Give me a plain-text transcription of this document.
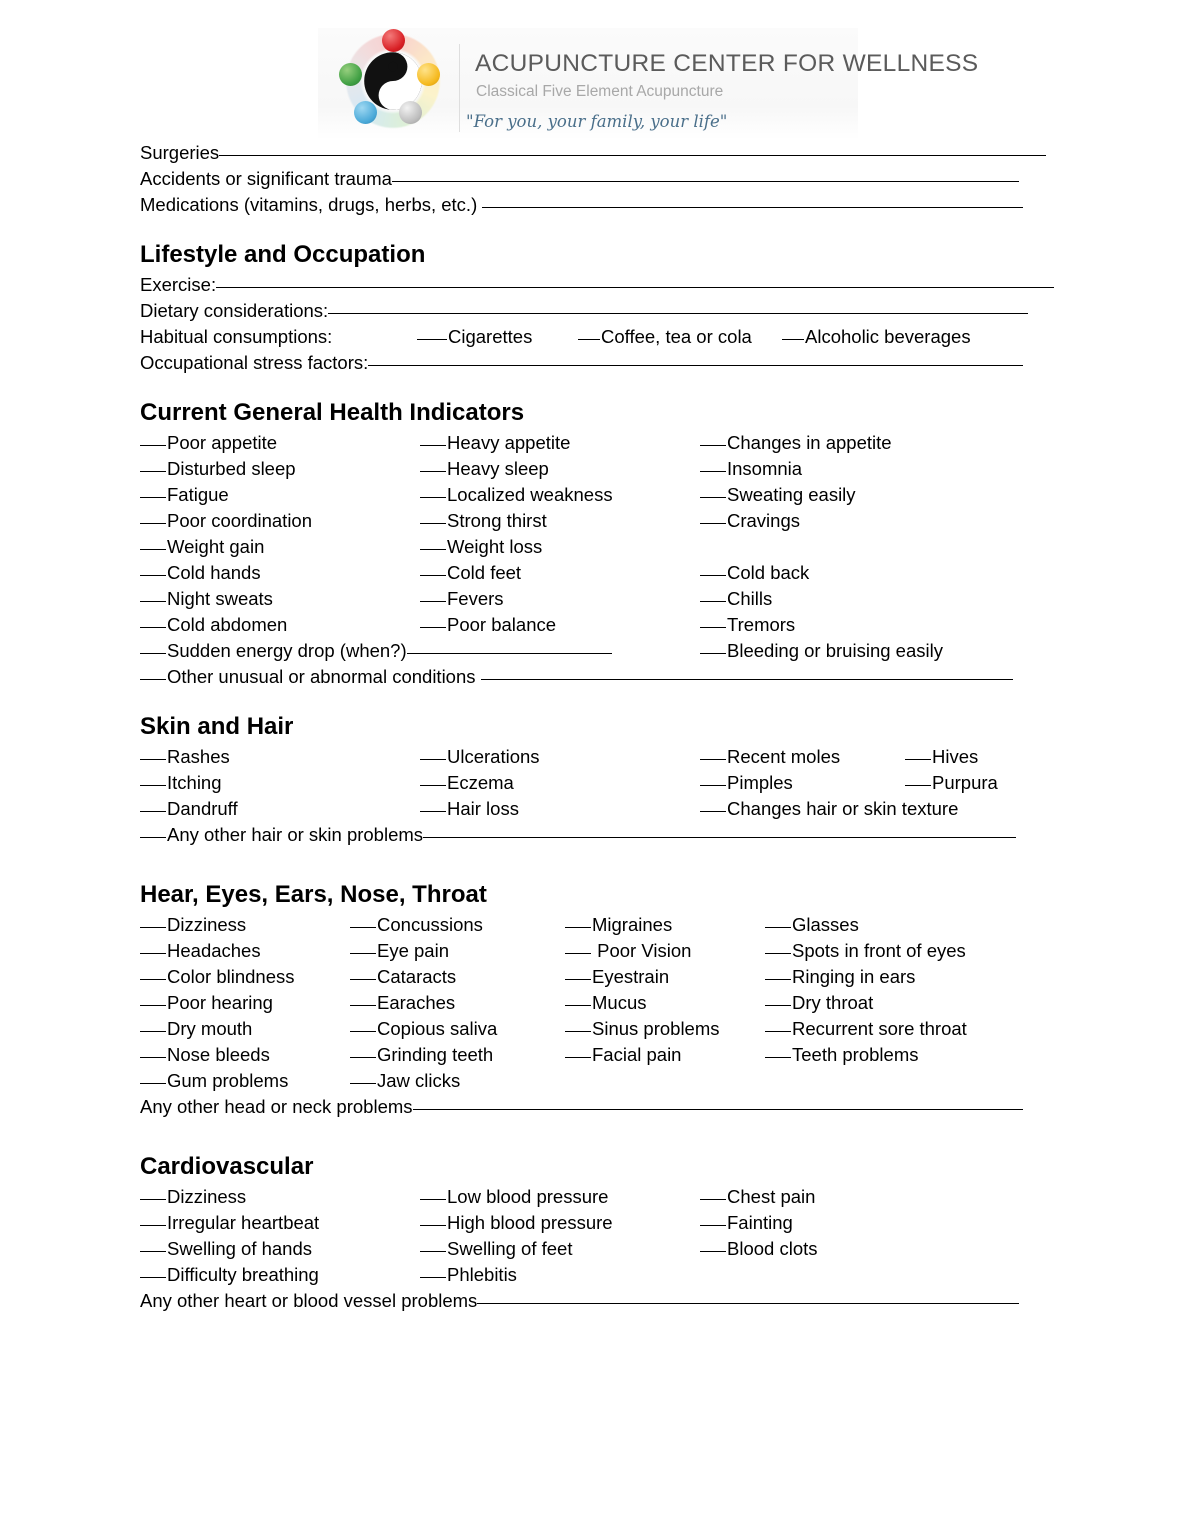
ACUPUNCTURE CENTER FOR WELLNESS
Classical Five Element Acupuncture
"For you, your family, your life"
Surgeries
Accidents or significant trauma
Medications (vitamins, drugs, herbs, etc.)
Lifestyle and Occupation
Exercise:
Dietary considerations:
Habitual consumptions:	Cigarettes	Coffee, tea or cola	Alcoholic beverages
Occupational stress factors:
Current General Health Indicators
Poor appetite	Heavy appetite	Changes in appetite
Disturbed sleep	Heavy sleep	Insomnia
Fatigue	Localized weakness	Sweating easily
Poor coordination	Strong thirst	Cravings
Weight gain	Weight loss
Cold hands	Cold feet	Cold back
Night sweats	Fevers	Chills
Cold abdomen	Poor balance	Tremors
Sudden energy drop (when?)	Bleeding or bruising easily
Other unusual or abnormal conditions
Skin and Hair
Rashes	Ulcerations	Recent moles	Hives
Itching	Eczema	Pimples	Purpura
Dandruff	Hair loss	Changes hair or skin texture
Any other hair or skin problems
Hear, Eyes, Ears, Nose, Throat
Dizziness	Concussions	Migraines	Glasses
Headaches	Eye pain	Poor Vision	Spots in front of eyes
Color blindness	Cataracts	Eyestrain	Ringing in ears
Poor hearing	Earaches	Mucus	Dry throat
Dry mouth	Copious saliva	Sinus problems	Recurrent sore throat
Nose bleeds	Grinding teeth	Facial pain	Teeth problems
Gum problems	Jaw clicks
Any other head or neck problems
Cardiovascular
Dizziness	Low blood pressure	Chest pain
Irregular heartbeat	High blood pressure	Fainting
Swelling of hands	Swelling of feet	Blood clots
Difficulty breathing	Phlebitis
Any other heart or blood vessel problems
